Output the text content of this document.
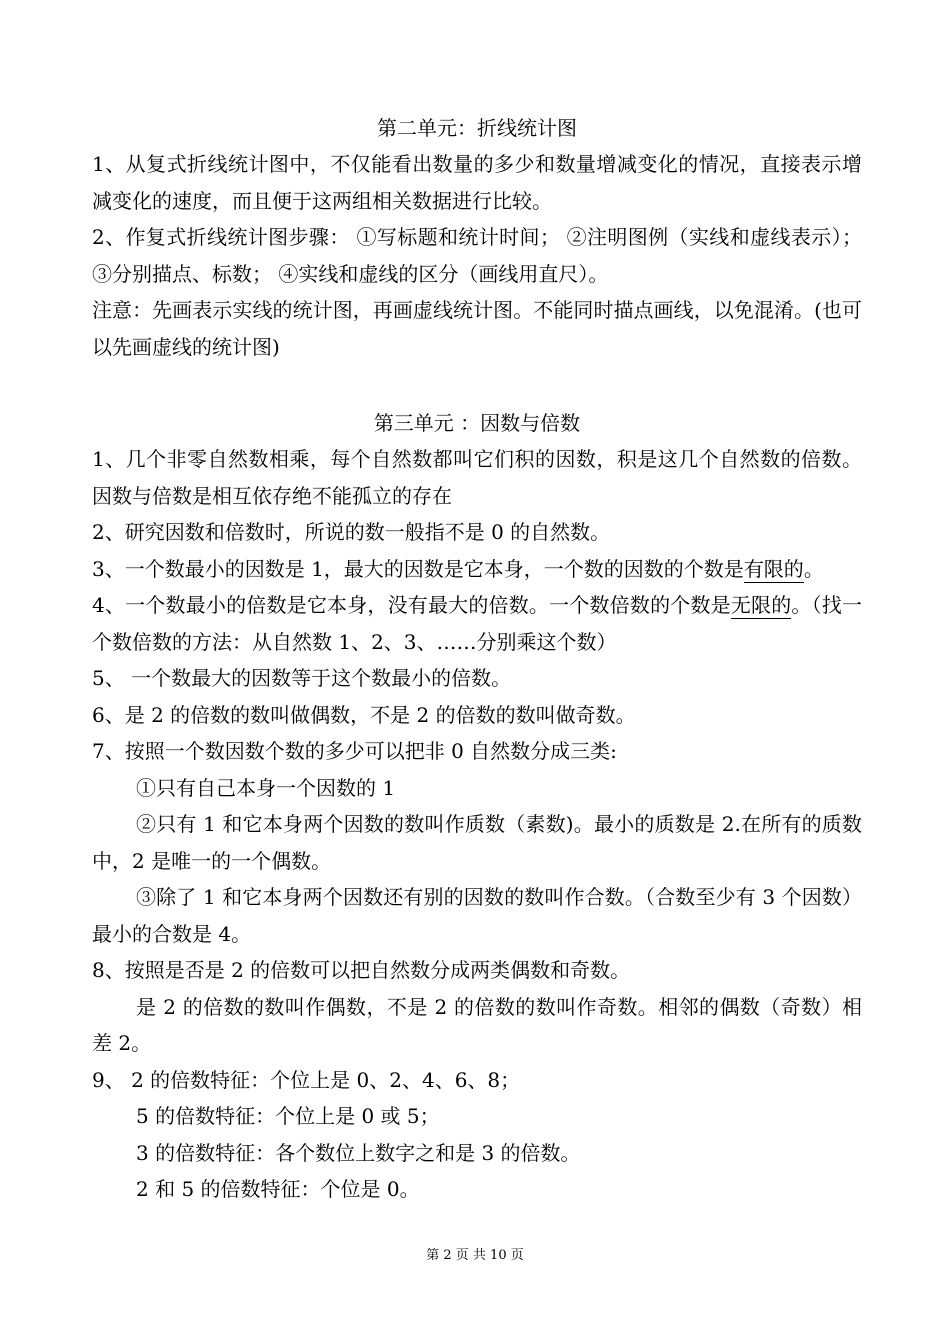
第二单元：折线统计图

1、从复式折线统计图中，不仅能看出数量的多少和数量增减变化的情况，直接表示增减变化的速度，而且便于这两组相关数据进行比较。

2、作复式折线统计图步骤： ①写标题和统计时间； ②注明图例（实线和虚线表示）； ③分别描点、标数； ④实线和虚线的区分（画线用直尺）。

注意：先画表示实线的统计图，再画虚线统计图。不能同时描点画线，以免混淆。(也可以先画虚线的统计图)

第三单元 ：因数与倍数

1、几个非零自然数相乘，每个自然数都叫它们积的因数，积是这几个自然数的倍数。因数与倍数是相互依存绝不能孤立的存在

2、研究因数和倍数时，所说的数一般指不是 0 的自然数。

3、一个数最小的因数是 1，最大的因数是它本身，一个数的因数的个数是有限的。

4、一个数最小的倍数是它本身，没有最大的倍数。一个数倍数的个数是无限的。（找一个数倍数的方法：从自然数 1、2、3、……分别乘这个数）

5、 一个数最大的因数等于这个数最小的倍数。

6、是 2 的倍数的数叫做偶数，不是 2 的倍数的数叫做奇数。

7、按照一个数因数个数的多少可以把非 0 自然数分成三类:

①只有自己本身一个因数的 1

②只有 1 和它本身两个因数的数叫作质数（素数)。最小的质数是 2.在所有的质数中，2 是唯一的一个偶数。

③除了 1 和它本身两个因数还有别的因数的数叫作合数。（合数至少有 3 个因数）最小的合数是 4。

8、按照是否是 2 的倍数可以把自然数分成两类偶数和奇数。

是 2 的倍数的数叫作偶数，不是 2 的倍数的数叫作奇数。相邻的偶数（奇数）相差 2。

9、 2 的倍数特征：个位上是 0、2、4、6、8；

5 的倍数特征：个位上是 0 或 5；

3 的倍数特征：各个数位上数字之和是 3 的倍数。

2 和 5 的倍数特征：个位是 0。

第 2 页 共 10 页
